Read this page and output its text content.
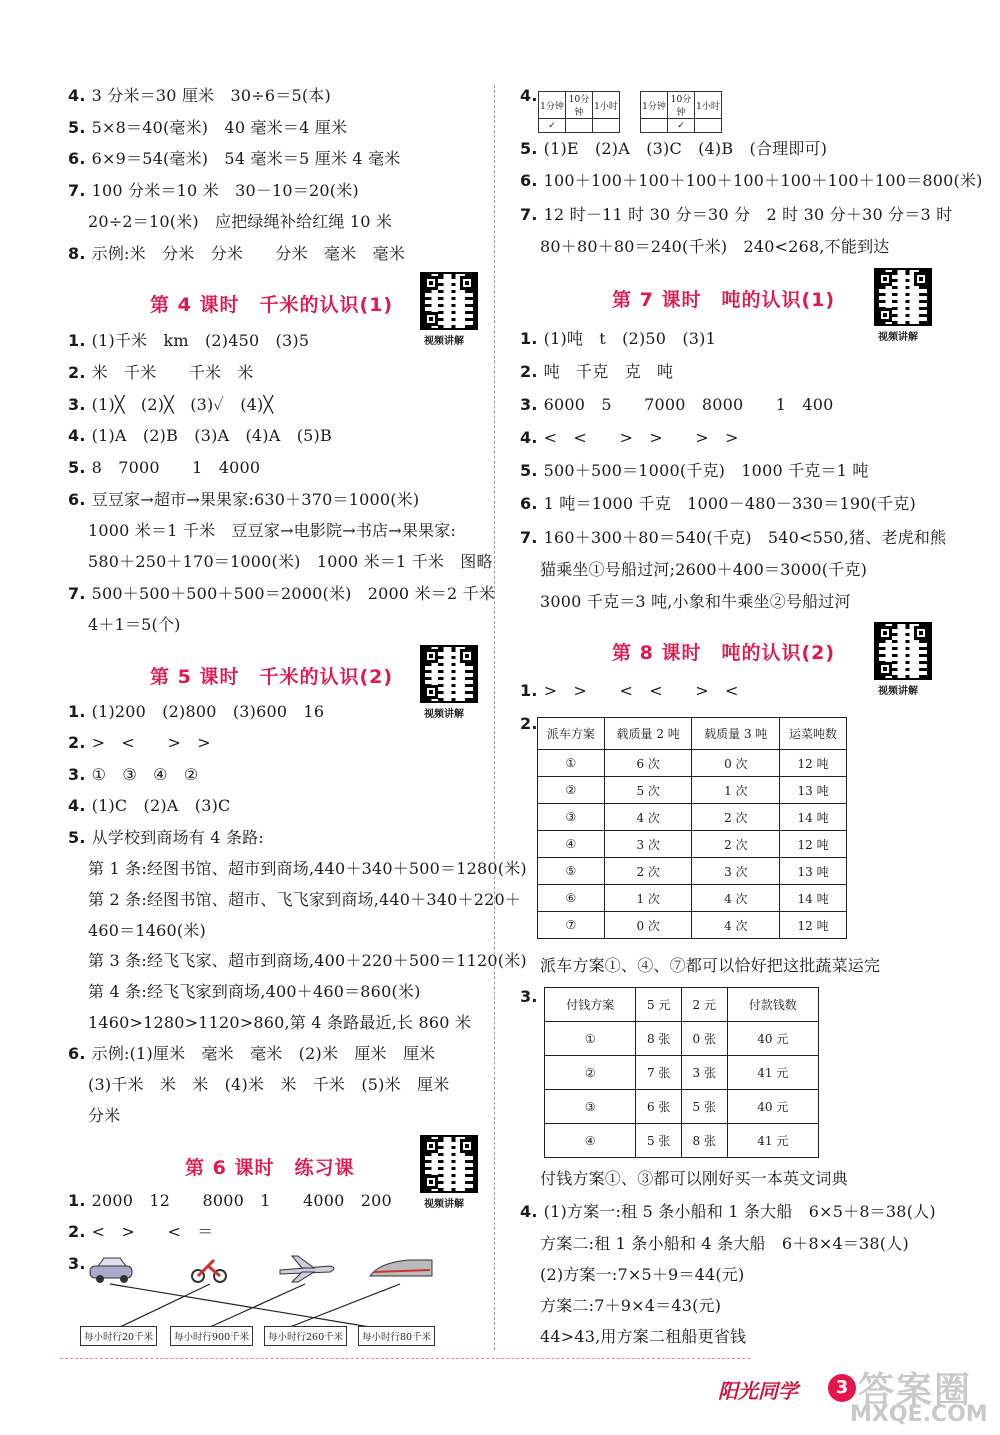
4. 3 分米＝30 厘米　30÷6＝5(本)
5. 5×8＝40(毫米)　40 毫米＝4 厘米
6. 6×9＝54(毫米)　54 毫米＝5 厘米 4 毫米
7. 100 分米＝10 米　30－10＝20(米)
20÷2＝10(米)　应把绿绳补给红绳 10 米
8. 示例:米　分米　分米　　分米　毫米　毫米
第 4 课时　千米的认识(1)
视频讲解
1. (1)千米　km　(2)450　(3)5
2. 米　千米　　千米　米
3. (1)╳　(2)╳　(3)✓　(4)╳
4. (1)A　(2)B　(3)A　(4)A　(5)B
5. 8　7000　　1　4000
6. 豆豆家→超市→果果家:630＋370＝1000(米)
1000 米＝1 千米　豆豆家→电影院→书店→果果家:
580＋250＋170＝1000(米)　1000 米＝1 千米　图略
7. 500＋500＋500＋500＝2000(米)　2000 米＝2 千米
4＋1＝5(个)
第 5 课时　千米的认识(2)
视频讲解
1. (1)200　(2)800　(3)600　16
2. >　<　　>　>
3. ①　③　④　②
4. (1)C　(2)A　(3)C
5. 从学校到商场有 4 条路:
第 1 条:经图书馆、超市到商场,440＋340＋500＝1280(米)
第 2 条:经图书馆、超市、飞飞家到商场,440＋340＋220＋
460＝1460(米)
第 3 条:经飞飞家、超市到商场,400＋220＋500＝1120(米)
第 4 条:经飞飞家到商场,400＋460＝860(米)
1460>1280>1120>860,第 4 条路最近,长 860 米
6. 示例:(1)厘米　毫米　毫米　(2)米　厘米　厘米
(3)千米　米　米　(4)米　米　千米　(5)米　厘米
分米
第 6 课时　练习课
视频讲解
1. 2000　12　　8000　1　　4000　200
2. <　>　　<　＝
3.
每小时行20千米	每小时行900千米	每小时行260千米	每小时行80千米
4.
1分钟	10分钟	1小时
✓		
1分钟	10分钟	1小时
	✓	
5. (1)E　(2)A　(3)C　(4)B　(合理即可)
6. 100＋100＋100＋100＋100＋100＋100＋100＝800(米)
7. 12 时－11 时 30 分＝30 分　2 时 30 分＋30 分＝3 时
80＋80＋80＝240(千米)　240<268,不能到达
第 7 课时　吨的认识(1)
视频讲解
1. (1)吨　t　(2)50　(3)1
2. 吨　千克　克　吨
3. 6000　5　　7000　8000　　1　400
4. <　<　　>　>　　>　>
5. 500＋500＝1000(千克)　1000 千克＝1 吨
6. 1 吨＝1000 千克　1000－480－330＝190(千克)
7. 160＋300＋80＝540(千克)　540<550,猪、老虎和熊
猫乘坐①号船过河;2600＋400＝3000(千克)
3000 千克＝3 吨,小象和牛乘坐②号船过河
第 8 课时　吨的认识(2)
视频讲解
1. >　>　　<　<　　>　<
2.
派车方案	载质量 2 吨	载质量 3 吨	运菜吨数
①	6 次	0 次	12 吨
②	5 次	1 次	13 吨
③	4 次	2 次	14 吨
④	3 次	2 次	12 吨
⑤	2 次	3 次	13 吨
⑥	1 次	4 次	14 吨
⑦	0 次	4 次	12 吨
派车方案①、④、⑦都可以恰好把这批蔬菜运完
3.	付钱方案	5 元	2 元	付款钱数
①	8 张	0 张	40 元
②	7 张	3 张	41 元
③	6 张	5 张	40 元
④	5 张	8 张	41 元
付钱方案①、③都可以刚好买一本英文词典
4. (1)方案一:租 5 条小船和 1 条大船　6×5＋8＝38(人)
方案二:租 1 条小船和 4 条大船　6＋8×4＝38(人)
(2)方案一:7×5＋9＝44(元)
方案二:7＋9×4＝43(元)
44>43,用方案二租船更省钱
阳光同学	3 答案圈
MXQE.COM
